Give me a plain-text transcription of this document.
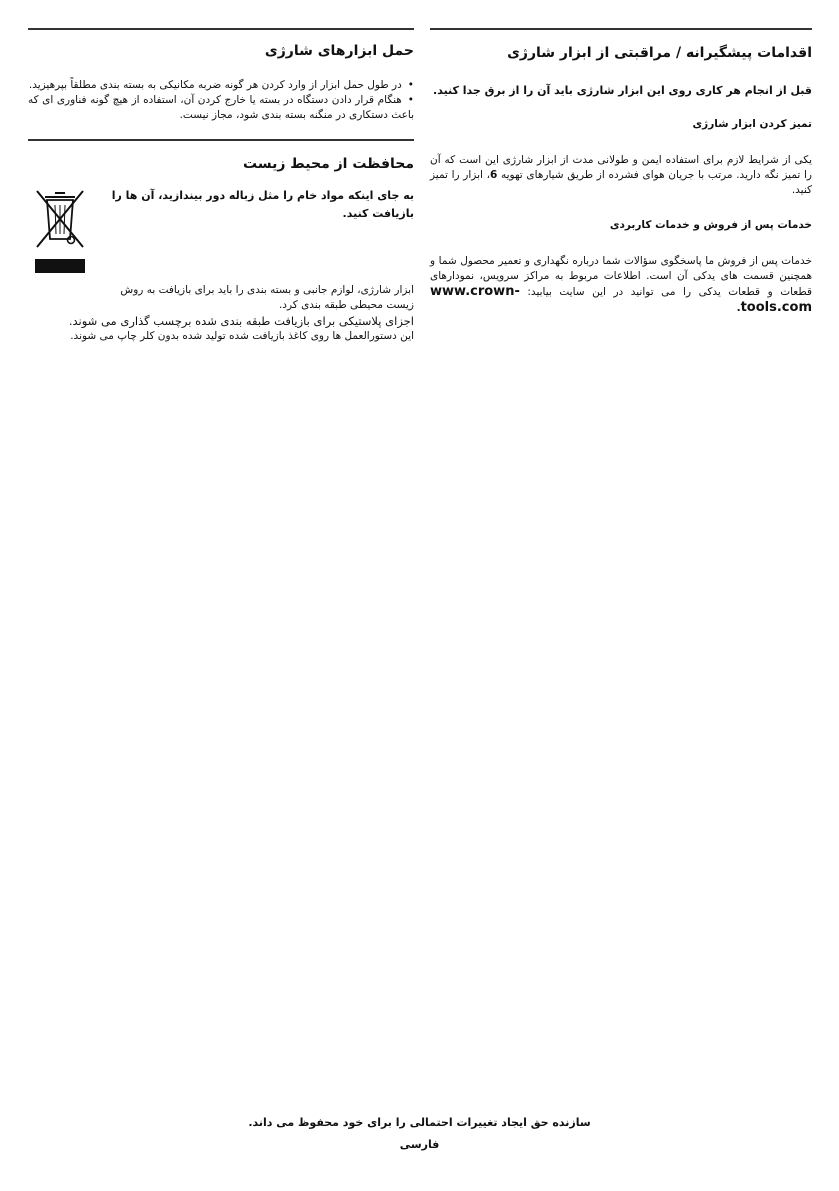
اقدامات پیشگیرانه / مراقبتی از ابزار شارژی

قبل از انجام هر کاری روی این ابزار شارژی باید آن را از برق جدا کنید.

تمیز کردن ابزار شارژی

یکی از شرایط لازم برای استفاده ایمن و طولانی مدت از ابزار شارژی این است که آن را تمیز نگه دارید. مرتب با جریان هوای فشرده از طریق شیارهای تهویه 6، ابزار را تمیز کنید.

خدمات پس از فروش و خدمات کاربردی

خدمات پس از فروش ما پاسخگوی سؤالات شما درباره نگهداری و تعمیر محصول شما و همچنین قسمت های یدکی آن است. اطلاعات مربوط به مراکز سرویس، نمودارهای قطعات و قطعات یدکی را می توانید در این سایت بیابید: www.crown-tools.com.

حمل ابزارهای شارژی

• در طول حمل ابزار از وارد کردن هر گونه ضربه مکانیکی به بسته بندی مطلقاً بپرهیزید.

• هنگام قرار دادن دستگاه در بسته یا خارج کردن آن، استفاده از هیچ گونه فناوری ای که باعث دستکاری در منگنه بسته بندی شود، مجاز نیست.

محافظت از محیط زیست

به جای اینکه مواد خام را مثل زباله دور بیندازید، آن ها را بازیافت کنید.

ابزار شارژی، لوازم جانبی و بسته بندی را باید برای بازیافت به روش زیست محیطی طبقه بندی کرد.

اجزای پلاستیکی برای بازیافت طبقه بندی شده برچسب گذاری می شوند.

این دستورالعمل ها روی کاغذ بازیافت شده تولید شده بدون کلر چاپ می شوند.

سازنده حق ایجاد تغییرات احتمالی را برای خود محفوظ می داند.
فارسی
